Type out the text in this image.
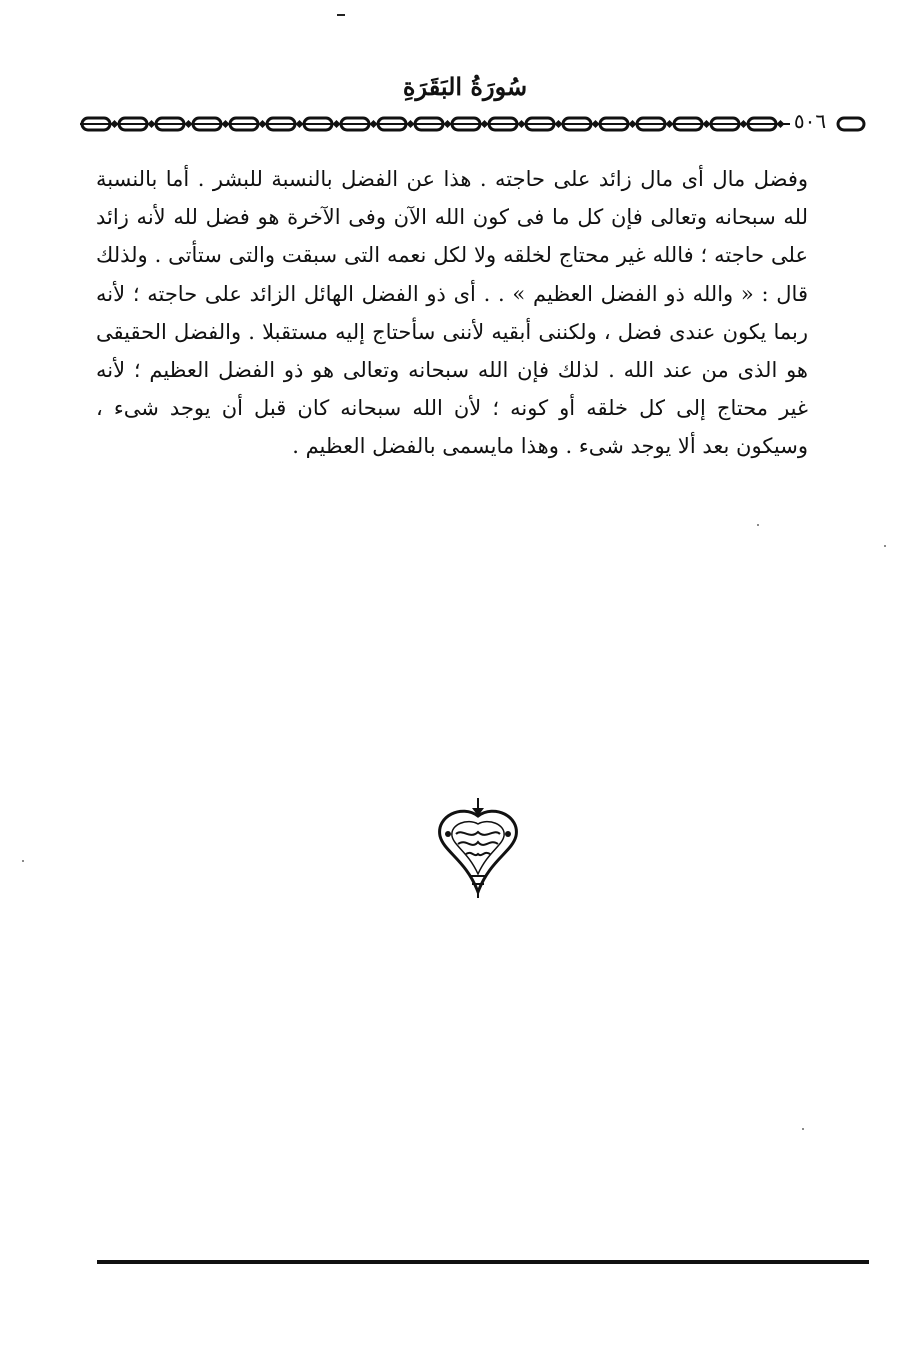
سُورَةُ البَقَرَةِ
٥٠٦
وفضل مال أى مال زائد على حاجته . هذا عن الفضل بالنسبة للبشر . أما بالنسبة لله سبحانه وتعالى فإن كل ما فى كون الله الآن وفى الآخرة هو فضل لله لأنه زائد على حاجته ؛ فالله غير محتاج لخلقه ولا لكل نعمه التى سبقت والتى ستأتى . ولذلك قال : « والله ذو الفضل العظيم » . . أى ذو الفضل الهائل الزائد على حاجته ؛ لأنه ربما يكون عندى فضل ، ولكننى أبقيه لأننى سأحتاج إليه مستقبلا . والفضل الحقيقى هو الذى من عند الله . لذلك فإن الله سبحانه وتعالى هو ذو الفضل العظيم ؛ لأنه غير محتاج إلى كل خلقه أو كونه ؛ لأن الله سبحانه كان قبل أن يوجد شىء ، وسيكون بعد ألا يوجد شىء . وهذا مايسمى بالفضل العظيم .
